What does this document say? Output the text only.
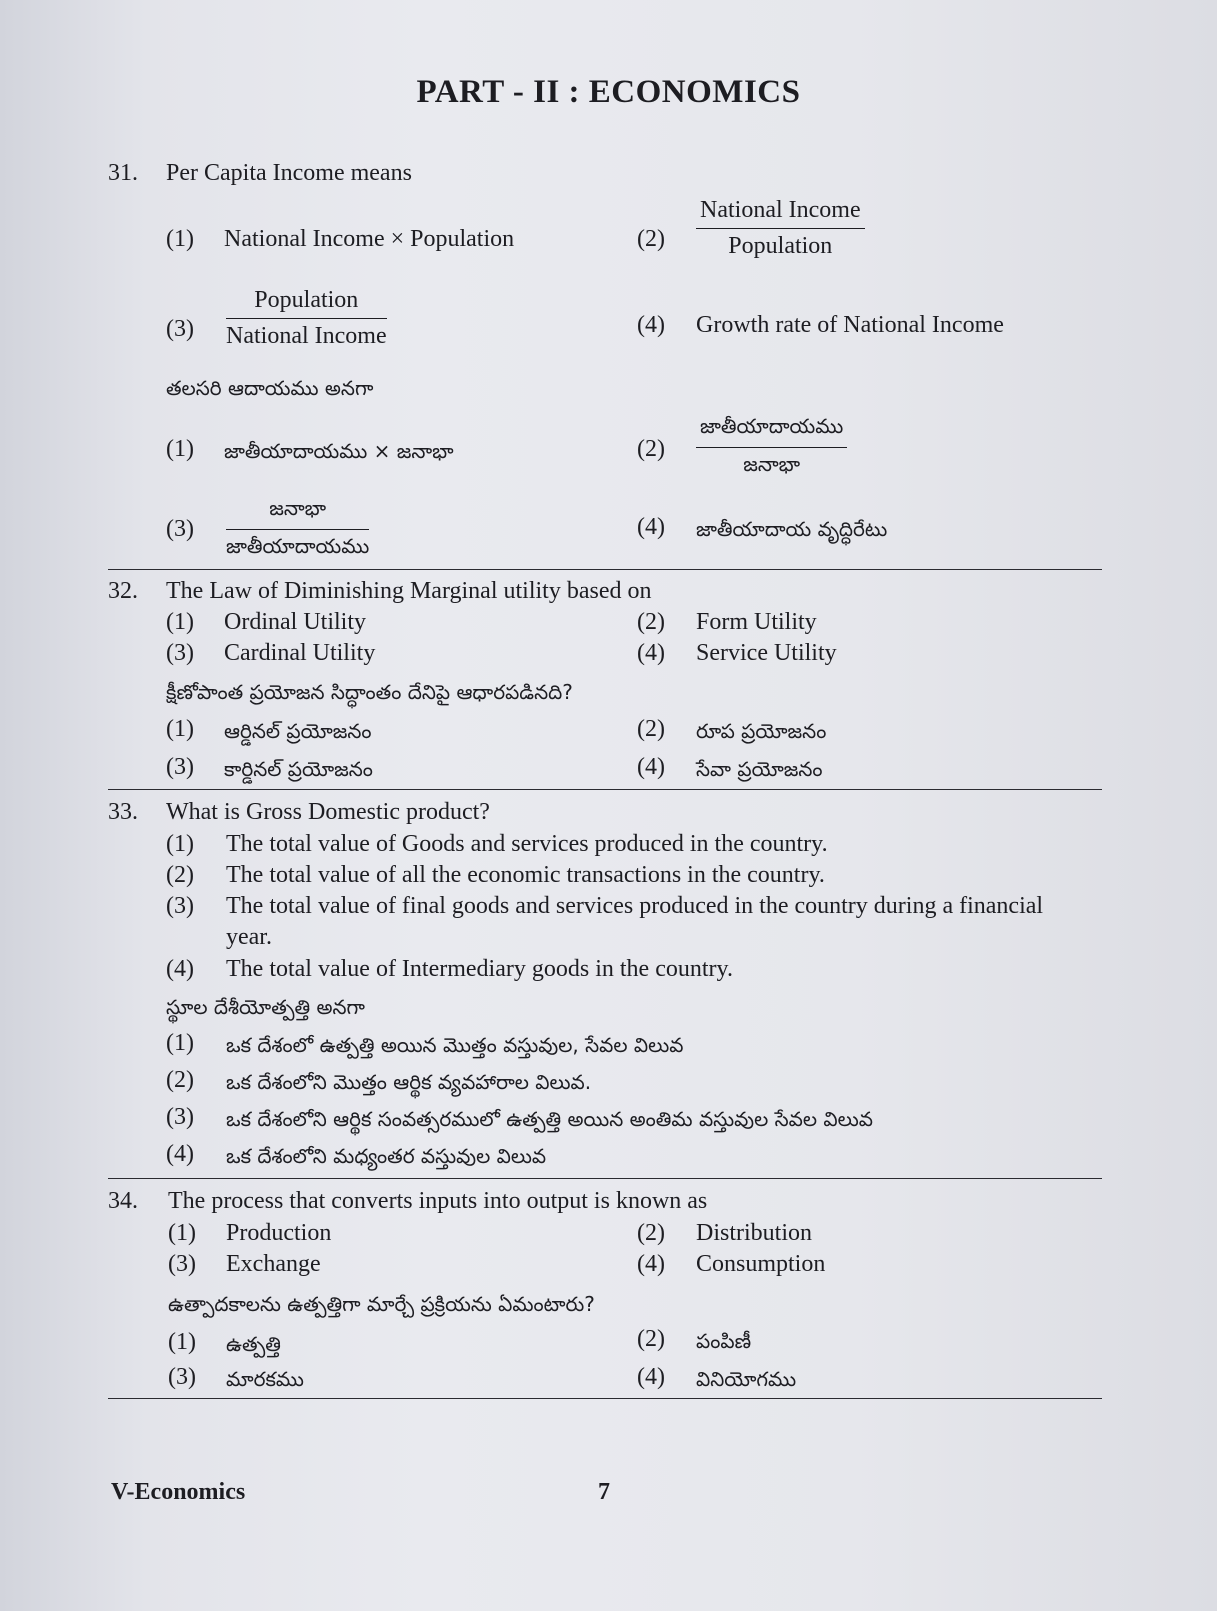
PART - II : ECONOMICS
31. Per Capita Income means
(1) National Income × Population	(2)
National Income
Population
(3)
Population
National Income	(4) Growth rate of National Income
తలసరి ఆదాయము అనగా
(1) జాతీయాదాయము × జనాభా	(2)
జాతీయాదాయము
జనాభా
(3)
జనాభా
జాతీయాదాయము
(4) జాతీయాదాయ వృద్ధిరేటు
32. The Law of Diminishing Marginal utility based on
(1) Ordinal Utility	(2) Form Utility
(3) Cardinal Utility	(4) Service Utility
క్షీణోపాంత ప్రయోజన సిద్ధాంతం దేనిపై ఆధారపడినది?
(1) ఆర్డినల్ ప్రయోజనం	(2) రూప ప్రయోజనం
(3) కార్డినల్ ప్రయోజనం	(4) సేవా ప్రయోజనం
33. What is Gross Domestic product?
(1) The total value of Goods and services produced in the country.
(2) The total value of all the economic transactions in the country.
(3) The total value of final goods and services produced in the country during a financial
year.
(4) The total value of Intermediary goods in the country.
స్థూల దేశీయోత్పత్తి అనగా
(1) ఒక దేశంలో ఉత్పత్తి అయిన మొత్తం వస్తువుల, సేవల విలువ
(2) ఒక దేశంలోని మొత్తం ఆర్థిక వ్యవహారాల విలువ.
(3) ఒక దేశంలోని ఆర్థిక సంవత్సరములో ఉత్పత్తి అయిన అంతిమ వస్తువుల సేవల విలువ
(4) ఒక దేశంలోని మధ్యంతర వస్తువుల విలువ
34. The process that converts inputs into output is known as
(1) Production	(2) Distribution
(3) Exchange	(4) Consumption
ఉత్పాదకాలను ఉత్పత్తిగా మార్చే ప్రక్రియను ఏమంటారు?
(1) ఉత్పత్తి	(2) పంపిణీ
(3) మారకము	(4) వినియోగము
V-Economics	7
